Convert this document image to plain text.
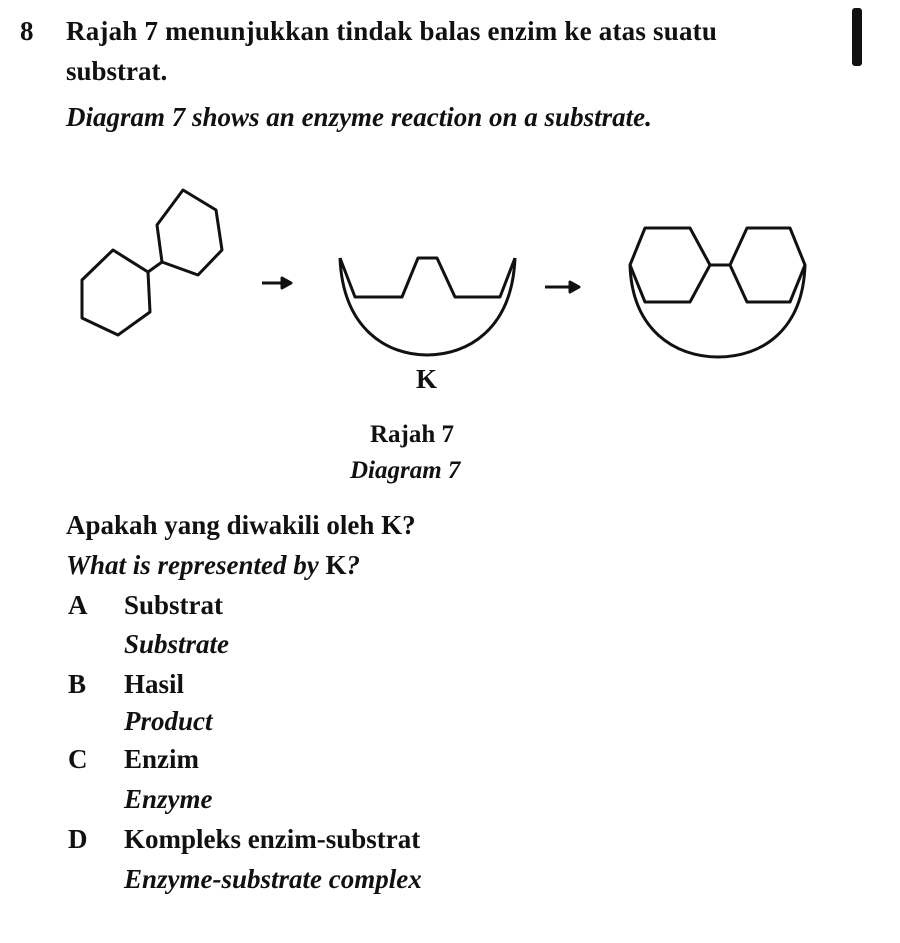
8 Rajah 7 menunjukkan tindak balas enzim ke atas suatu
substrat.
Diagram 7 shows an enzyme reaction on a substrate.
K
Rajah 7
Diagram 7
Apakah yang diwakili oleh K?
What is represented by K?
A Substrat
Substrate
B Hasil
Product
C Enzim
Enzyme
D Kompleks enzim-substrat
Enzyme-substrate complex
